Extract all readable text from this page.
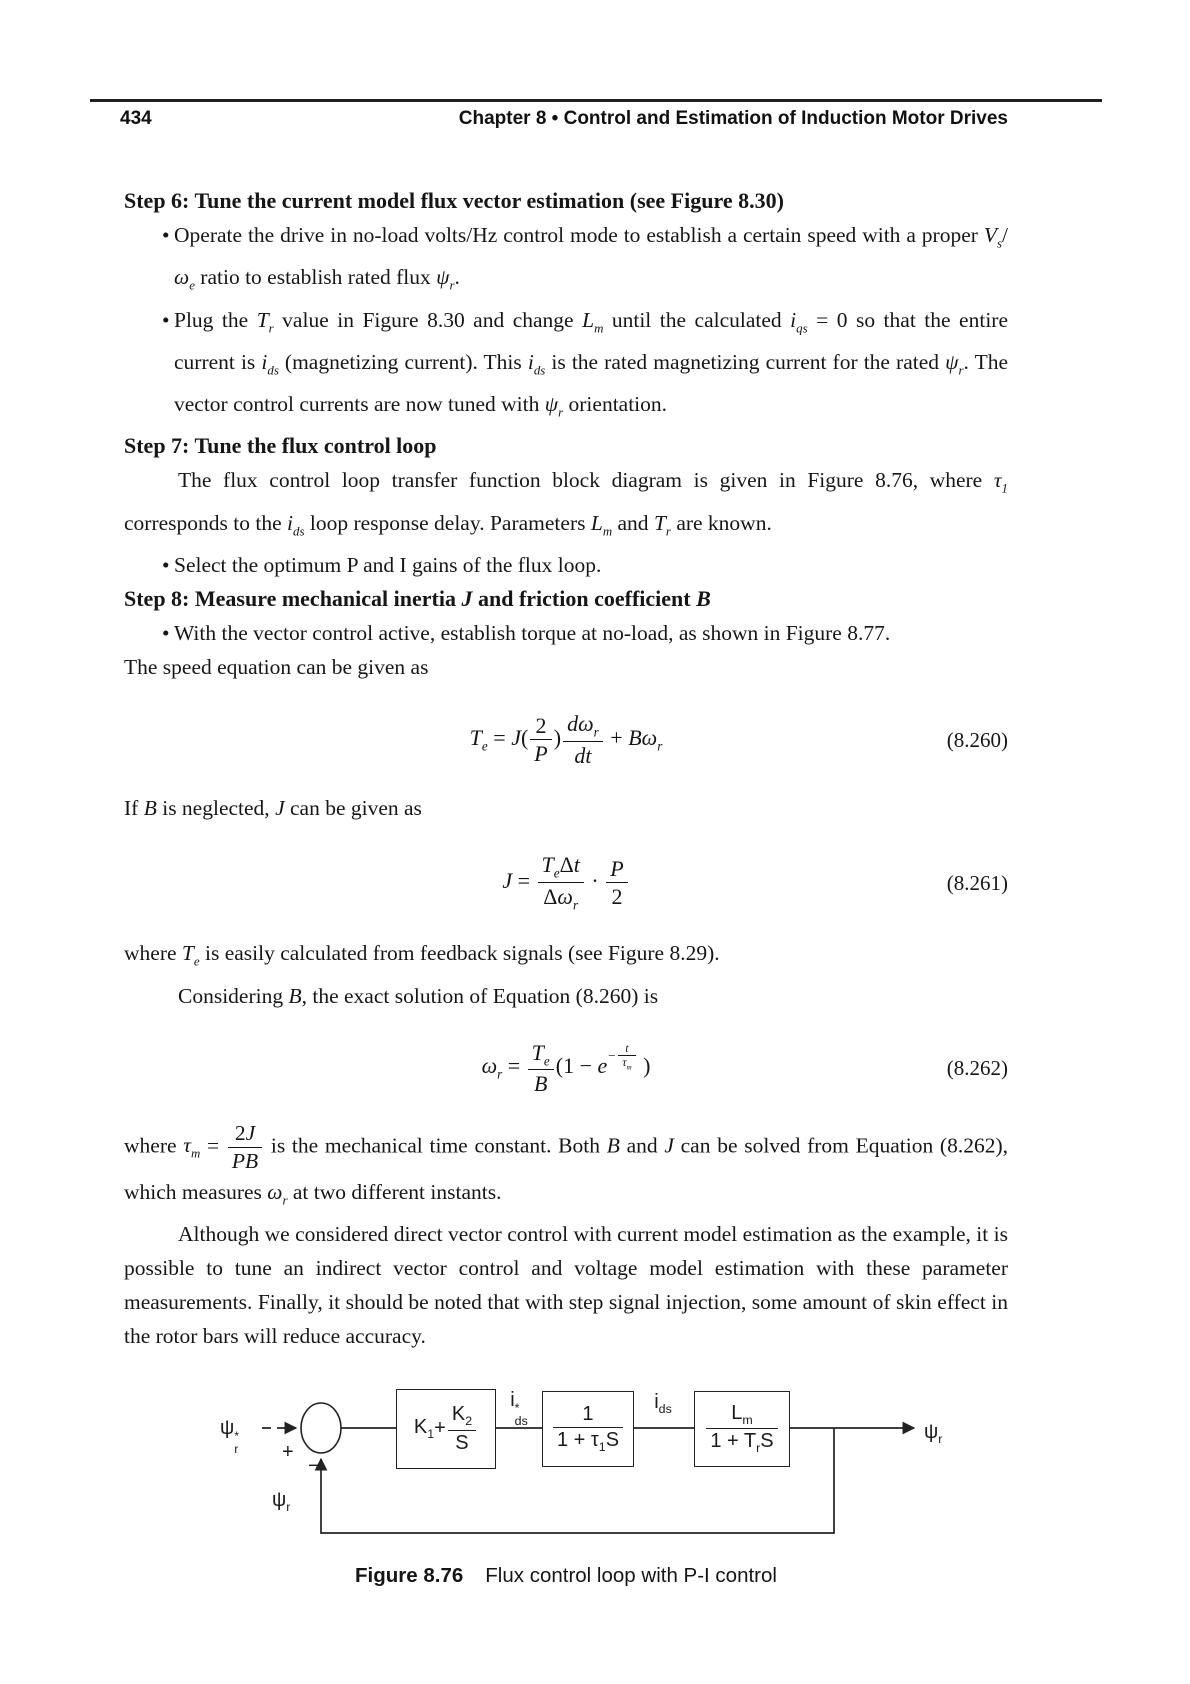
434	Chapter 8 • Control and Estimation of Induction Motor Drives
Step 6: Tune the current model flux vector estimation (see Figure 8.30)
• Operate the drive in no-load volts/Hz control mode to establish a certain speed with a proper $V_s/\omega_e$ ratio to establish rated flux $\psi_r$.
• Plug the $T_r$ value in Figure 8.30 and change $L_m$ until the calculated $i_{qs} = 0$ so that the entire current is $i_{ds}$ (magnetizing current). This $i_{ds}$ is the rated magnetizing current for the rated $\psi_r$. The vector control currents are now tuned with $\psi_r$ orientation.
Step 7: Tune the flux control loop
The flux control loop transfer function block diagram is given in Figure 8.76, where $\tau_1$ corresponds to the $i_{ds}$ loop response delay. Parameters $L_m$ and $T_r$ are known.
• Select the optimum P and I gains of the flux loop.
Step 8: Measure mechanical inertia J and friction coefficient B
• With the vector control active, establish torque at no-load, as shown in Figure 8.77.
The speed equation can be given as
$T_e = J( \frac{2}{P}$ ) $\frac{d\omega_r}{dt} + B\omega_r$	(8.260)
If B is neglected, J can be given as
$J = \frac{T_e\Delta t}{\Delta\omega_r} \cdot \frac{P}{2}$	(8.261)
where $T_e$ is easily calculated from feedback signals (see Figure 8.29).
Considering B, the exact solution of Equation (8.260) is
$\omega_r = \frac{T_e}{B} (1 - e^{- \frac{t}{\tau_m}}$ )	(8.262)
where $\tau_m = \frac{2J}{PB}$ is the mechanical time constant. Both B and J can be solved from Equation (8.262), which measures $\omega_r$ at two different instants.
Although we considered direct vector control with current model estimation as the example, it is possible to tune an indirect vector control and voltage model estimation with these parameter measurements. Finally, it should be noted that with step signal injection, some amount of skin effect in the rotor bars will reduce accuracy.
ψ *
r +
−
$K_1 + \frac{K_2}{S}$
i *
ds $\frac{1}{1 + \tau_1S}$
$i_{ds}$	$\frac{L_m}{1 + T_rS}$	$\psi_r$
$\psi_r$
Figure 8.76 Flux control loop with P-I control
